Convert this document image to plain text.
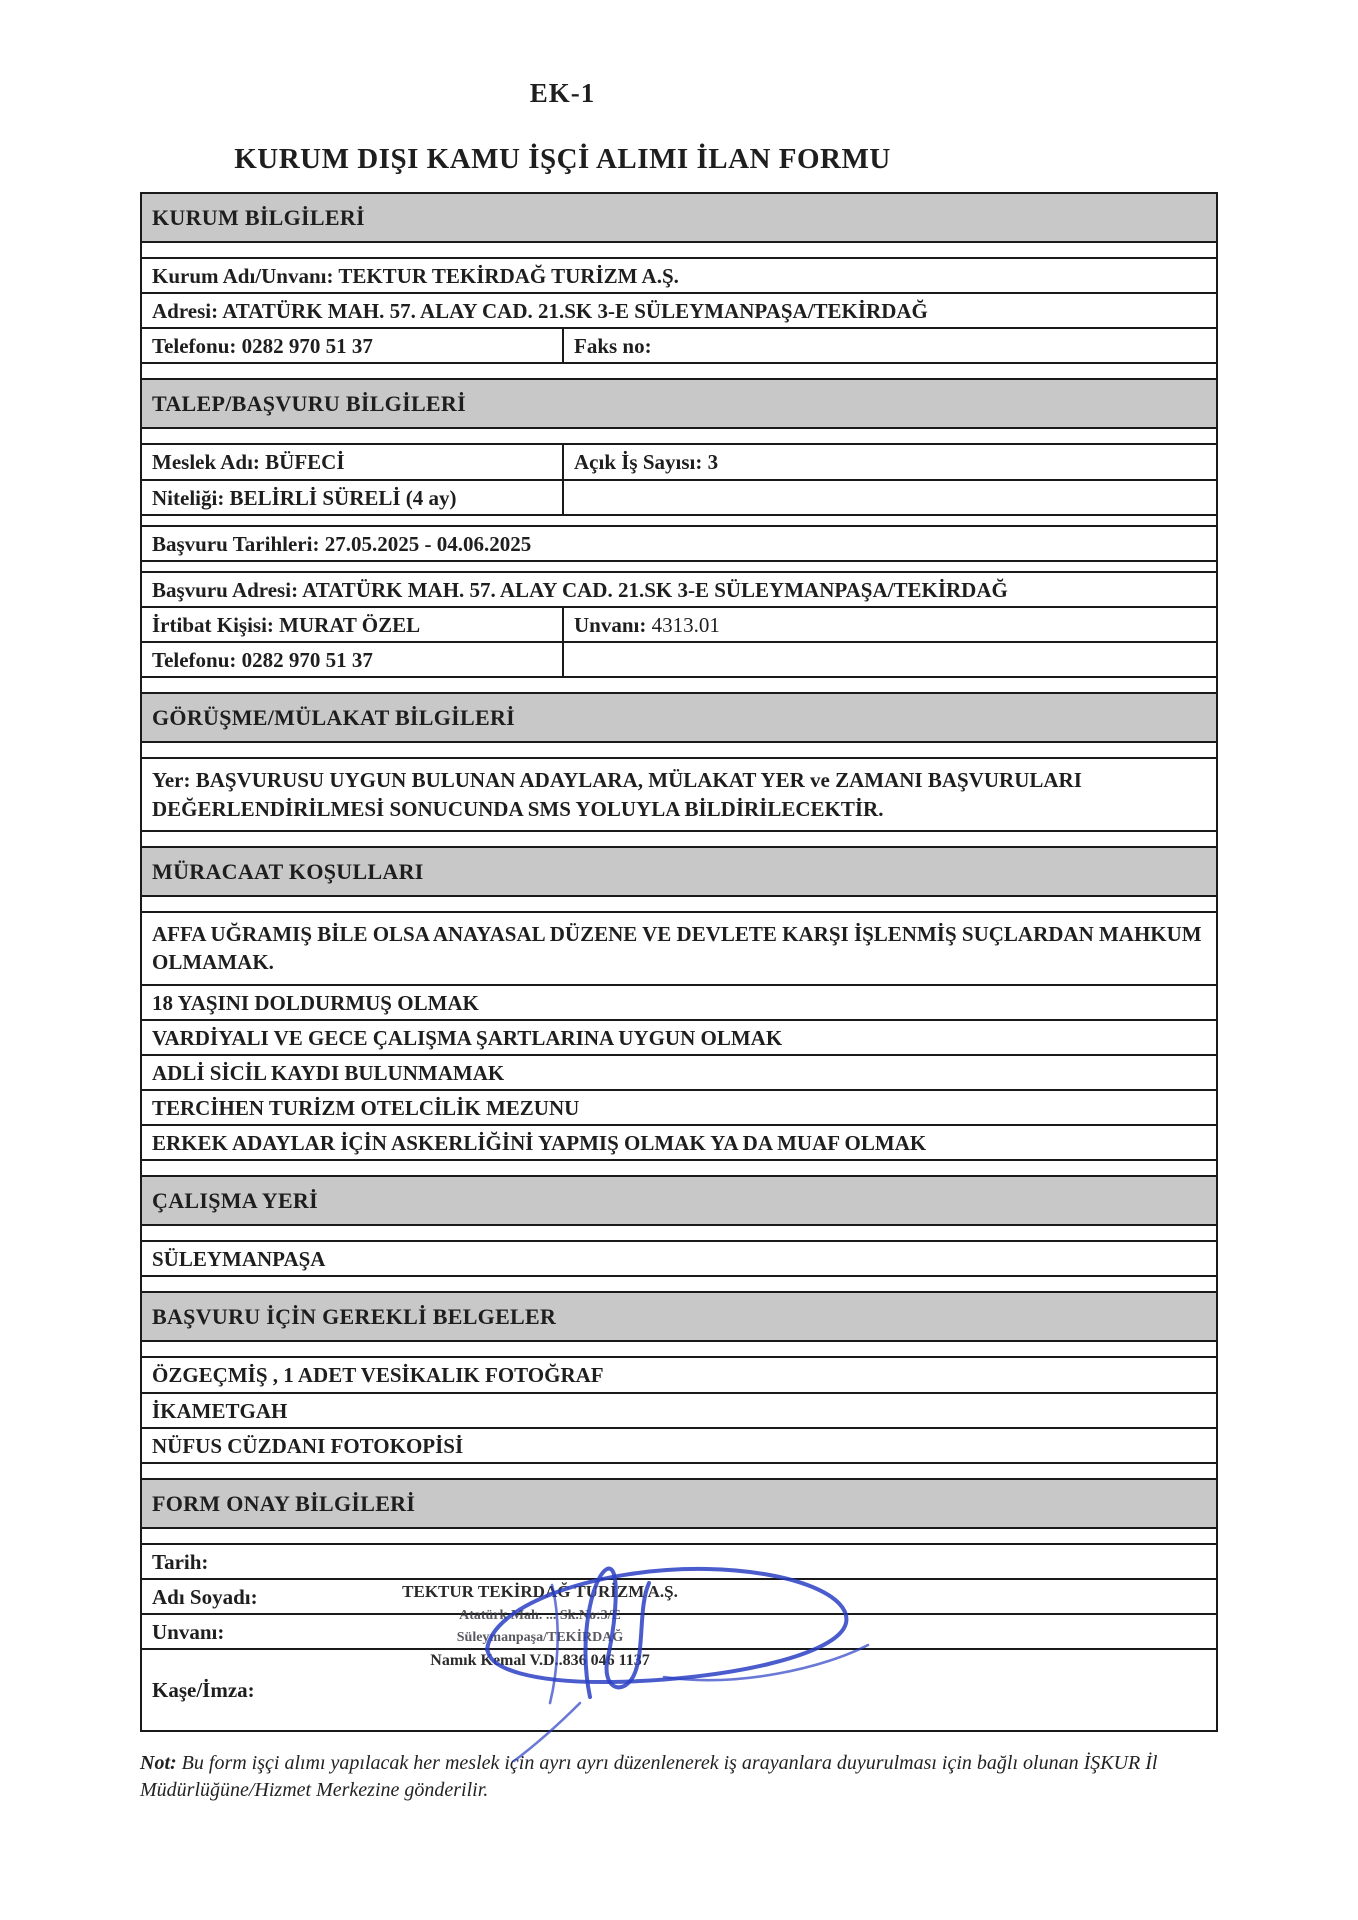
EK-1
KURUM DIŞI KAMU İŞÇİ ALIMI İLAN FORMU
KURUM BİLGİLERİ
Kurum Adı/Unvanı: TEKTUR TEKİRDAĞ TURİZM A.Ş.
Adresi: ATATÜRK MAH. 57. ALAY CAD. 21.SK 3-E SÜLEYMANPAŞA/TEKİRDAĞ
Telefonu: 0282 970 51 37	Faks no:
TALEP/BAŞVURU BİLGİLERİ
Meslek Adı: BÜFECİ	Açık İş Sayısı: 3
Niteliği: BELİRLİ SÜRELİ (4 ay)
Başvuru Tarihleri: 27.05.2025 - 04.06.2025
Başvuru Adresi: ATATÜRK MAH. 57. ALAY CAD. 21.SK 3-E SÜLEYMANPAŞA/TEKİRDAĞ
İrtibat Kişisi: MURAT ÖZEL	Unvanı: 4313.01
Telefonu: 0282 970 51 37
GÖRÜŞME/MÜLAKAT BİLGİLERİ
Yer: BAŞVURUSU UYGUN BULUNAN ADAYLARA, MÜLAKAT YER ve ZAMANI BAŞVURULARI DEĞERLENDİRİLMESİ SONUCUNDA SMS YOLUYLA BİLDİRİLECEKTİR.
MÜRACAAT KOŞULLARI
AFFA UĞRAMIŞ BİLE OLSA ANAYASAL DÜZENE VE DEVLETE KARŞI İŞLENMİŞ SUÇLARDAN MAHKUM OLMAMAK.
18 YAŞINI DOLDURMUŞ OLMAK
VARDİYALI VE GECE ÇALIŞMA ŞARTLARINA UYGUN OLMAK
ADLİ SİCİL KAYDI BULUNMAMAK
TERCİHEN TURİZM OTELCİLİK MEZUNU
ERKEK ADAYLAR İÇİN ASKERLİĞİNİ YAPMIŞ OLMAK YA DA MUAF OLMAK
ÇALIŞMA YERİ
SÜLEYMANPAŞA
BAŞVURU İÇİN GEREKLİ BELGELER
ÖZGEÇMİŞ , 1 ADET VESİKALIK FOTOĞRAF
İKAMETGAH
NÜFUS CÜZDANI FOTOKOPİSİ
FORM ONAY BİLGİLERİ
Tarih:
Adı Soyadı:
Unvanı:
Kaşe/İmza:
TEKTUR TEKİRDAĞ TURİZM A.Ş.
Atatürk Mah. ... Sk.No:3/E
Süleymanpaşa/TEKİRDAĞ
Namık Kemal V.D..836 046 1137
Not: Bu form işçi alımı yapılacak her meslek için ayrı ayrı düzenlenerek iş arayanlara duyurulması için bağlı olunan İŞKUR İl Müdürlüğüne/Hizmet Merkezine gönderilir.
